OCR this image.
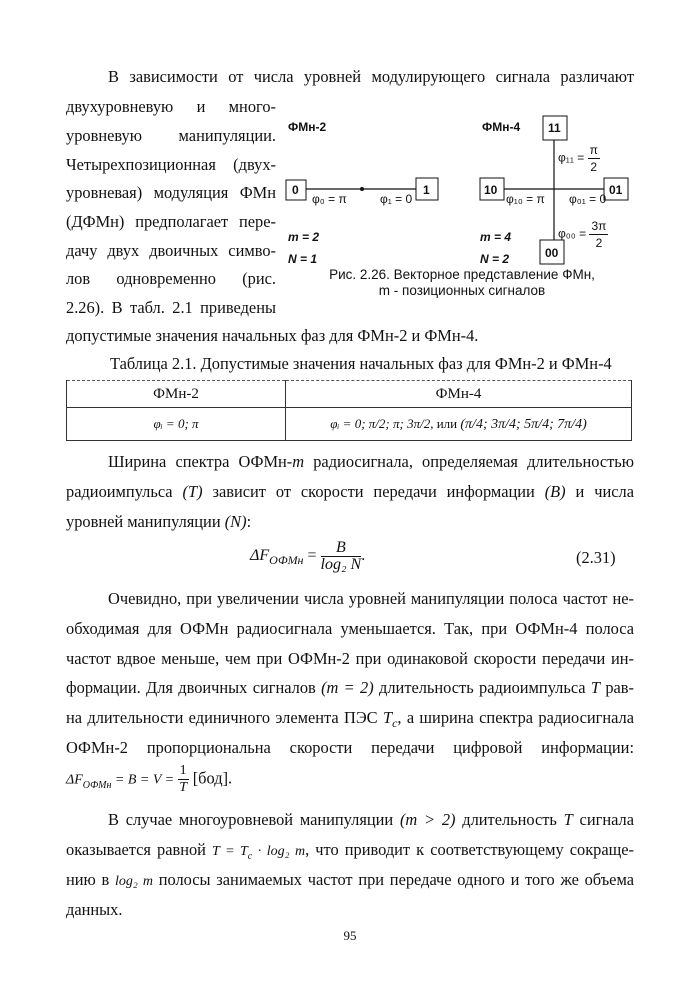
В зависимости от числа уровней модулирующего сигнала различают
двухуровневую и много-
уровневую манипуляции.
Четырехпозиционная (двух-
уровневая) модуляция ФМн
(ДФМн) предполагает пере-
дачу двух двоичных симво-
лов одновременно (рис.
2.26). В табл. 2.1 приведены
допустимые значения начальных фаз для ФМн-2 и ФМн-4.
ФМн-2	ФМн-4
0	1	10	01
11
00
φ₀ = π	φ₁ = 0	φ₁₀ = π φ₀₁ = 0
$\varphi_{11} = \frac{\pi}{2}$
$\varphi_{00} = \frac{3\pi}{2}$
m = 2
N = 1
m = 4
N = 2
Рис. 2.26. Векторное представление ФМн,
m - позиционных сигналов
Таблица 2.1. Допустимые значения начальных фаз для ФМн-2 и ФМн-4
ФМн-2	ФМн-4
φᵢ = 0; π	φᵢ = 0; π/2; π; 3π/2, или (π/4; 3π/4; 5π/4; 7π/4)
Ширина спектра ОФМн-m радиосигнала, определяемая длительностью
радиоимпульса (T) зависит от скорости передачи информации (B) и числа
уровней манипуляции (N):
$\Delta F_{ОФМн} = \frac{B}{\text{log₂ N}}$ .	(2.31)
Очевидно, при увеличении числа уровней манипуляции полоса частот не-
обходимая для ОФМн радиосигнала уменьшается. Так, при ОФМн-4 полоса
частот вдвое меньше, чем при ОФМн-2 при одинаковой скорости передачи ин-
формации. Для двоичных сигналов (m = 2) длительность радиоимпульса T рав-
на длительности единичного элемента ПЭС $T_c$, а ширина спектра радиосигнала
ОФМн-2 пропорциональна скорости передачи цифровой информации:
$\Delta F_{ОФМн} = B = V = \frac{1}{T} [бод]$.
В случае многоуровневой манипуляции (m > 2) длительность T сигнала
оказывается равной $T = T_c \cdot \log_2$ m, что приводит к соответствующему сокраще-
нию в log₂ m полосы занимаемых частот при передаче одного и того же объема
данных.
95
